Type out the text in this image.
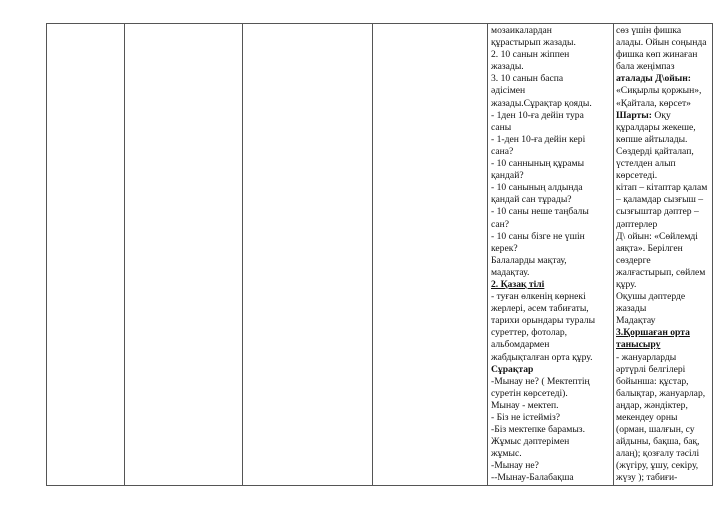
мозаикалардан
құрастырып жазады.
2. 10 санын жіппен
жазады.
3. 10 санын баспа
әдісімен
жазады.Сұрақтар қояды.
- 1ден 10-ға дейін тура
саны
- 1-ден 10-ға дейін кері
сана?
- 10 саннының құрамы
қандай?
- 10 санының алдында
қандай сан тұрады?
- 10 саны неше таңбалы
сан?
- 10 саны бізге не үшін
керек?
Балаларды мақтау,
мадақтау.
2. Қазақ тілі
- туған өлкенің көрнекі
жерлері, әсем табиғаты,
тарихи орындары туралы
суреттер, фотолар,
альбомдармен
жабдықталған орта құру.
Сұрақтар
-Мынау не? ( Мектептің
суретін көрсетеді).
Мынау - мектеп.
- Біз не істейміз?
-Біз мектепке барамыз.
Жұмыс дәптерімен
жұмыс.
-Мынау не?
--Мынау-Балабақша
сөз үшін фишка
алады. Ойын соңында
фишка көп жинаған
бала жеңімпаз
аталады Д\ойын:
«Сиқырлы қоржын»,
«Қайтала, көрсет»
Шарты: Оқу
құралдары жекеше,
көпше айтылады.
Сөздерді қайталап,
үстелден алып
көрсетеді.
кітап – кітаптар қалам
– қаламдар сызғыш –
сызғыштар дәптер –
дәптерлер
Д\ ойын: «Сөйлемді
аяқта». Берілген
сөздерге
жалғастырып, сөйлем
құру.
Оқушы дәптерде
жазады
Мадақтау
3.Қоршаған орта
танысыру
- жануарларды
әртүрлі белгілері
бойынша: құстар,
балықтар, жануарлар,
аңдар, жәндіктер,
мекендеу орны
(орман, шалғын, су
айдыны, бақша, бақ,
алаң); қозғалу тәсілі
(жүгіру, ұшу, секіру,
жүзу ); табиғи-
